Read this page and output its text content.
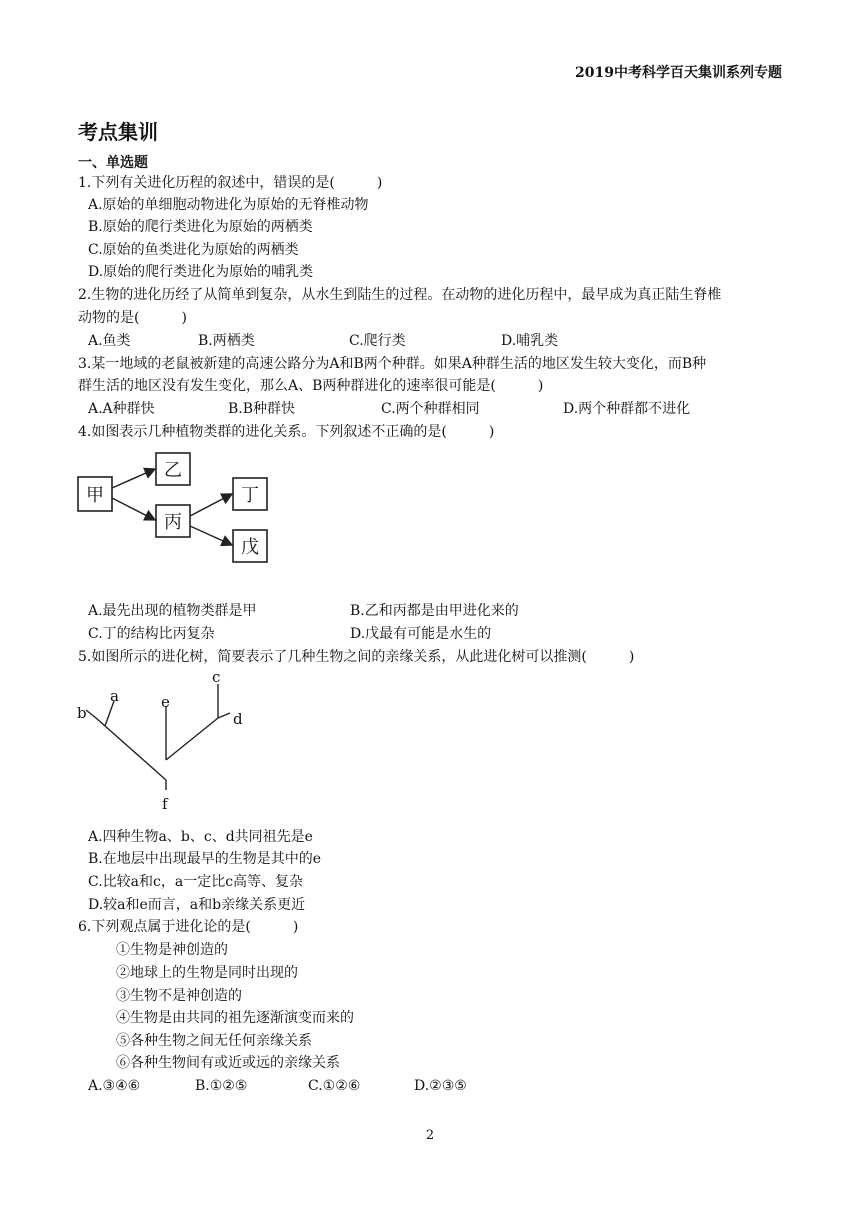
2019中考科学百天集训系列专题
考点集训
一、单选题
1.下列有关进化历程的叙述中，错误的是(　　　)
A.原始的单细胞动物进化为原始的无脊椎动物
B.原始的爬行类进化为原始的两栖类
C.原始的鱼类进化为原始的两栖类
D.原始的爬行类进化为原始的哺乳类
2.生物的进化历经了从简单到复杂，从水生到陆生的过程。在动物的进化历程中，最早成为真正陆生脊椎
动物的是(　　　)
A.鱼类	B.两栖类	C.爬行类	D.哺乳类
3.某一地域的老鼠被新建的高速公路分为A和B两个种群。如果A种群生活的地区发生较大变化，而B种
群生活的地区没有发生变化，那么A、B两种群进化的速率很可能是(　　　)
A.A种群快	B.B种群快	C.两个种群相同	D.两个种群都不进化
4.如图表示几种植物类群的进化关系。下列叙述不正确的是(　　　)
甲
乙
丙
丁
戊
A.最先出现的植物类群是甲	B.乙和丙都是由甲进化来的
C.丁的结构比丙复杂	D.戊最有可能是水生的
5.如图所示的进化树，简要表示了几种生物之间的亲缘关系，从此进化树可以推测(　　　)
a
b
c
d
e
f
A.四种生物a、b、c、d共同祖先是e
B.在地层中出现最早的生物是其中的e
C.比较a和c，a一定比c高等、复杂
D.较a和e而言，a和b亲缘关系更近
6.下列观点属于进化论的是(　　　)
①生物是神创造的
②地球上的生物是同时出现的
③生物不是神创造的
④生物是由共同的祖先逐渐演变而来的
⑤各种生物之间无任何亲缘关系
⑥各种生物间有或近或远的亲缘关系
A.③④⑥	B.①②⑤	C.①②⑥	D.②③⑤
2
